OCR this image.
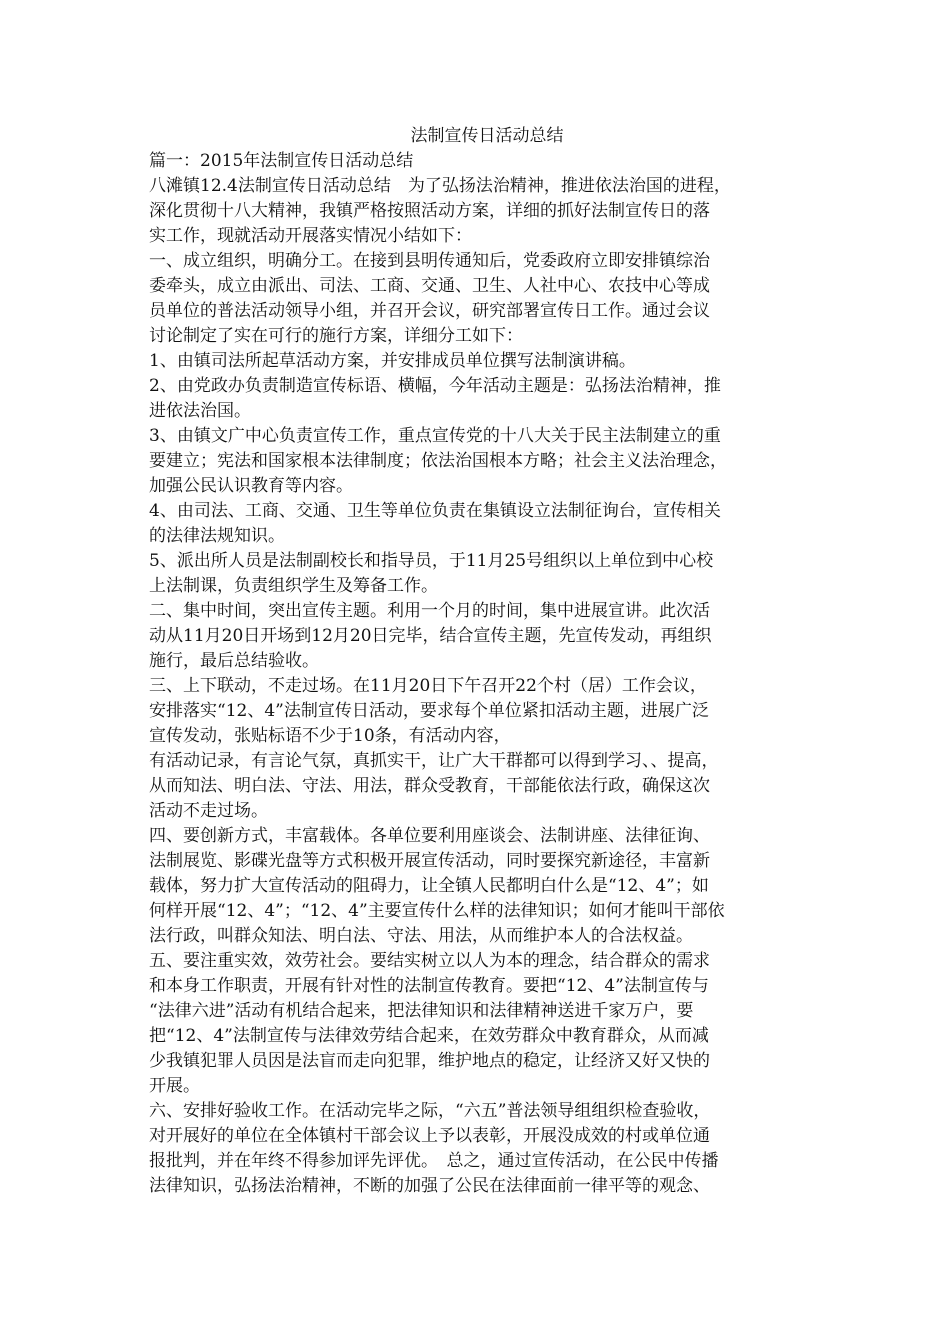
法制宣传日活动总结

篇一：2015年法制宣传日活动总结

八滩镇12.4法制宣传日活动总结　为了弘扬法治精神，推进依法治国的进程，
深化贯彻十八大精神，我镇严格按照活动方案，详细的抓好法制宣传日的落
实工作，现就活动开展落实情况小结如下：

一、成立组织，明确分工。在接到县明传通知后，党委政府立即安排镇综治
委牵头，成立由派出、司法、工商、交通、卫生、人社中心、农技中心等成
员单位的普法活动领导小组，并召开会议，研究部署宣传日工作。通过会议
讨论制定了实在可行的施行方案，详细分工如下：

1、由镇司法所起草活动方案，并安排成员单位撰写法制演讲稿。

2、由党政办负责制造宣传标语、横幅，今年活动主题是：弘扬法治精神，推
进依法治国。

3、由镇文广中心负责宣传工作，重点宣传党的十八大关于民主法制建立的重
要建立；宪法和国家根本法律制度；依法治国根本方略；社会主义法治理念，
加强公民认识教育等内容。

4、由司法、工商、交通、卫生等单位负责在集镇设立法制征询台，宣传相关
的法律法规知识。

5、派出所人员是法制副校长和指导员，于11月25号组织以上单位到中心校
上法制课，负责组织学生及筹备工作。

二、集中时间，突出宣传主题。利用一个月的时间，集中进展宣讲。此次活
动从11月20日开场到12月20日完毕，结合宣传主题，先宣传发动，再组织
施行，最后总结验收。

三、上下联动，不走过场。在11月20日下午召开22个村（居）工作会议，
安排落实“12、4”法制宣传日活动，要求每个单位紧扣活动主题，进展广泛
宣传发动，张贴标语不少于10条，有活动内容，

有活动记录，有言论气氛，真抓实干，让广大干群都可以得到学习、、提高，
从而知法、明白法、守法、用法，群众受教育，干部能依法行政，确保这次
活动不走过场。

四、要创新方式，丰富载体。各单位要利用座谈会、法制讲座、法律征询、
法制展览、影碟光盘等方式积极开展宣传活动，同时要探究新途径，丰富新
载体，努力扩大宣传活动的阻碍力，让全镇人民都明白什么是“12、4”；如
何样开展“12、4”；“12、4”主要宣传什么样的法律知识；如何才能叫干部依
法行政，叫群众知法、明白法、守法、用法，从而维护本人的合法权益。

五、要注重实效，效劳社会。要结实树立以人为本的理念，结合群众的需求
和本身工作职责，开展有针对性的法制宣传教育。要把“12、4”法制宣传与
“法律六进”活动有机结合起来，把法律知识和法律精神送进千家万户，要
把“12、4”法制宣传与法律效劳结合起来，在效劳群众中教育群众，从而减
少我镇犯罪人员因是法盲而走向犯罪，维护地点的稳定，让经济又好又快的
开展。

六、安排好验收工作。在活动完毕之际，“六五”普法领导组组织检查验收，
对开展好的单位在全体镇村干部会议上予以表彰，开展没成效的村或单位通
报批判，并在年终不得参加评先评优。　总之，通过宣传活动，在公民中传播
法律知识，弘扬法治精神，不断的加强了公民在法律面前一律平等的观念、
